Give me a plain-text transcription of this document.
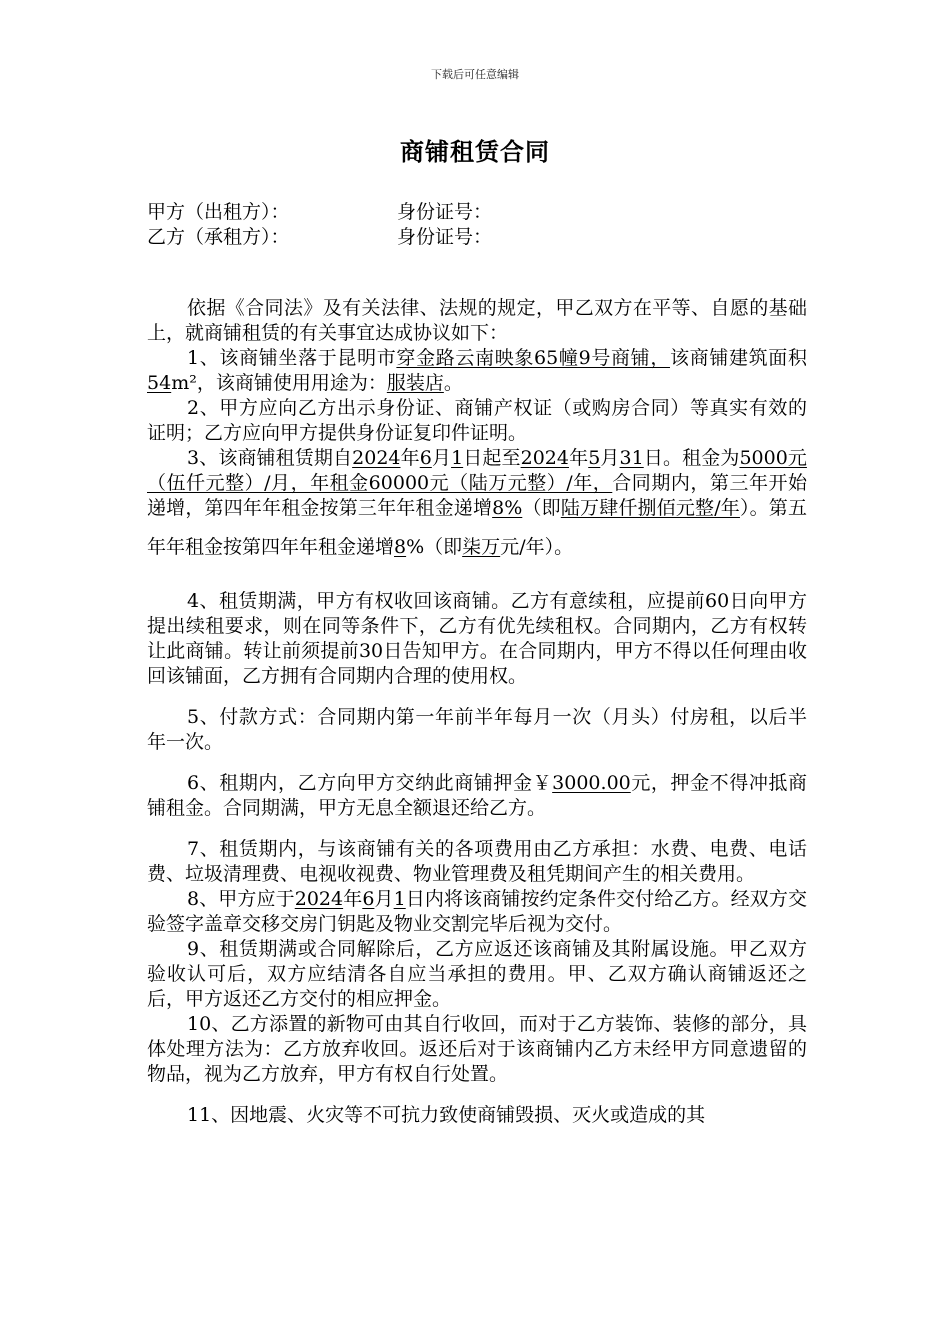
下载后可任意编辑
商铺租赁合同
甲方（出租方）：	身份证号：
乙方（承租方）：	身份证号：

依据《合同法》及有关法律、法规的规定，甲乙双方在平等、自愿的基础上，就商铺租赁的有关事宜达成协议如下：

1、该商铺坐落于昆明市穿金路云南映象65幢9号商铺，该商铺建筑面积54m²，该商铺使用用途为：服装店。

2、甲方应向乙方出示身份证、商铺产权证（或购房合同）等真实有效的证明；乙方应向甲方提供身份证复印件证明。

3、该商铺租赁期自2024年6月1日起至2024年5月31日。租金为5000元（伍仟元整）/月，年租金60000元（陆万元整）/年，合同期内，第三年开始递增，第四年年租金按第三年年租金递增8%（即陆万肆仟捌佰元整/年）。第五年年租金按第四年年租金递增8%（即柒万元/年）。

4、租赁期满，甲方有权收回该商铺。乙方有意续租，应提前60日向甲方提出续租要求，则在同等条件下，乙方有优先续租权。合同期内，乙方有权转让此商铺。转让前须提前30日告知甲方。在合同期内，甲方不得以任何理由收回该铺面，乙方拥有合同期内合理的使用权。

5、付款方式：合同期内第一年前半年每月一次（月头）付房租，以后半年一次。

6、租期内，乙方向甲方交纳此商铺押金￥3000.00元，押金不得冲抵商铺租金。合同期满，甲方无息全额退还给乙方。

7、租赁期内，与该商铺有关的各项费用由乙方承担：水费、电费、电话费、垃圾清理费、电视收视费、物业管理费及租凭期间产生的相关费用。

8、甲方应于2024年6月1日内将该商铺按约定条件交付给乙方。经双方交验签字盖章交移交房门钥匙及物业交割完毕后视为交付。

9、租赁期满或合同解除后，乙方应返还该商铺及其附属设施。甲乙双方验收认可后，双方应结清各自应当承担的费用。甲、乙双方确认商铺返还之后，甲方返还乙方交付的相应押金。

10、乙方添置的新物可由其自行收回，而对于乙方装饰、装修的部分，具体处理方法为：乙方放弃收回。返还后对于该商铺内乙方未经甲方同意遗留的物品，视为乙方放弃，甲方有权自行处置。

11、因地震、火灾等不可抗力致使商铺毁损、灭火或造成的其
